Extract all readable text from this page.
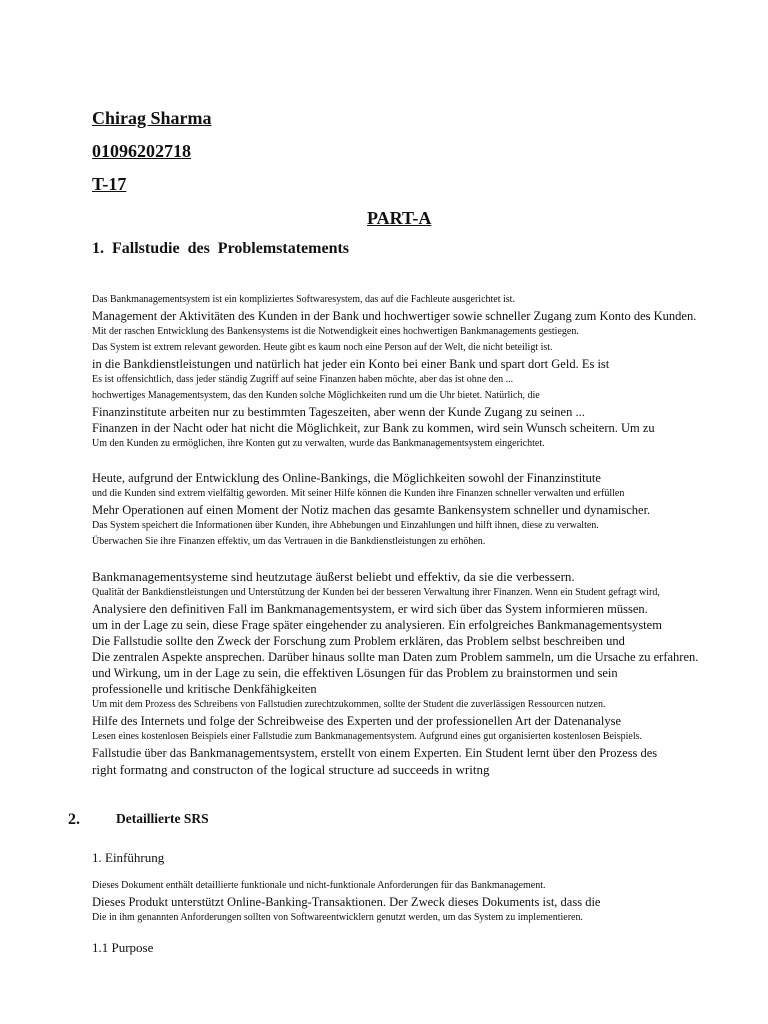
Chirag Sharma
01096202718
T-17
PART-A
1. Fallstudie des Problemstatements
Das Bankmanagementsystem ist ein kompliziertes Softwaresystem, das auf die Fachleute ausgerichtet ist.
Management der Aktivitäten des Kunden in der Bank und hochwertiger sowie schneller Zugang zum Konto des Kunden.
Mit der raschen Entwicklung des Bankensystems ist die Notwendigkeit eines hochwertigen Bankmanagements gestiegen.
Das System ist extrem relevant geworden. Heute gibt es kaum noch eine Person auf der Welt, die nicht beteiligt ist.
in die Bankdienstleistungen und natürlich hat jeder ein Konto bei einer Bank und spart dort Geld. Es ist
Es ist offensichtlich, dass jeder ständig Zugriff auf seine Finanzen haben möchte, aber das ist ohne den ...
hochwertiges Managementsystem, das den Kunden solche Möglichkeiten rund um die Uhr bietet. Natürlich, die
Finanzinstitute arbeiten nur zu bestimmten Tageszeiten, aber wenn der Kunde Zugang zu seinen ...
Finanzen in der Nacht oder hat nicht die Möglichkeit, zur Bank zu kommen, wird sein Wunsch scheitern. Um zu
Um den Kunden zu ermöglichen, ihre Konten gut zu verwalten, wurde das Bankmanagementsystem eingerichtet.
Heute, aufgrund der Entwicklung des Online-Bankings, die Möglichkeiten sowohl der Finanzinstitute
und die Kunden sind extrem vielfältig geworden. Mit seiner Hilfe können die Kunden ihre Finanzen schneller verwalten und erfüllen
Mehr Operationen auf einen Moment der Notiz machen das gesamte Bankensystem schneller und dynamischer.
Das System speichert die Informationen über Kunden, ihre Abhebungen und Einzahlungen und hilft ihnen, diese zu verwalten.
Überwachen Sie ihre Finanzen effektiv, um das Vertrauen in die Bankdienstleistungen zu erhöhen.
Bankmanagementsysteme sind heutzutage äußerst beliebt und effektiv, da sie die verbessern.
Qualität der Bankdienstleistungen und Unterstützung der Kunden bei der besseren Verwaltung ihrer Finanzen. Wenn ein Student gefragt wird,
Analysiere den definitiven Fall im Bankmanagementsystem, er wird sich über das System informieren müssen.
um in der Lage zu sein, diese Frage später eingehender zu analysieren. Ein erfolgreiches Bankmanagementsystem
Die Fallstudie sollte den Zweck der Forschung zum Problem erklären, das Problem selbst beschreiben und
Die zentralen Aspekte ansprechen. Darüber hinaus sollte man Daten zum Problem sammeln, um die Ursache zu erfahren.
und Wirkung, um in der Lage zu sein, die effektiven Lösungen für das Problem zu brainstormen und sein
professionelle und kritische Denkfähigkeiten
Um mit dem Prozess des Schreibens von Fallstudien zurechtzukommen, sollte der Student die zuverlässigen Ressourcen nutzen.
Hilfe des Internets und folge der Schreibweise des Experten und der professionellen Art der Datenanalyse
Lesen eines kostenlosen Beispiels einer Fallstudie zum Bankmanagementsystem. Aufgrund eines gut organisierten kostenlosen Beispiels.
Fallstudie über das Bankmanagementsystem, erstellt von einem Experten. Ein Student lernt über den Prozess des
right formatng and constructon of the logical structure ad succeeds in writng
2.	Detaillierte SRS
1. Einführung
Dieses Dokument enthält detaillierte funktionale und nicht-funktionale Anforderungen für das Bankmanagement.
Dieses Produkt unterstützt Online-Banking-Transaktionen. Der Zweck dieses Dokuments ist, dass die
Die in ihm genannten Anforderungen sollten von Softwareentwicklern genutzt werden, um das System zu implementieren.
1.1 Purpose
